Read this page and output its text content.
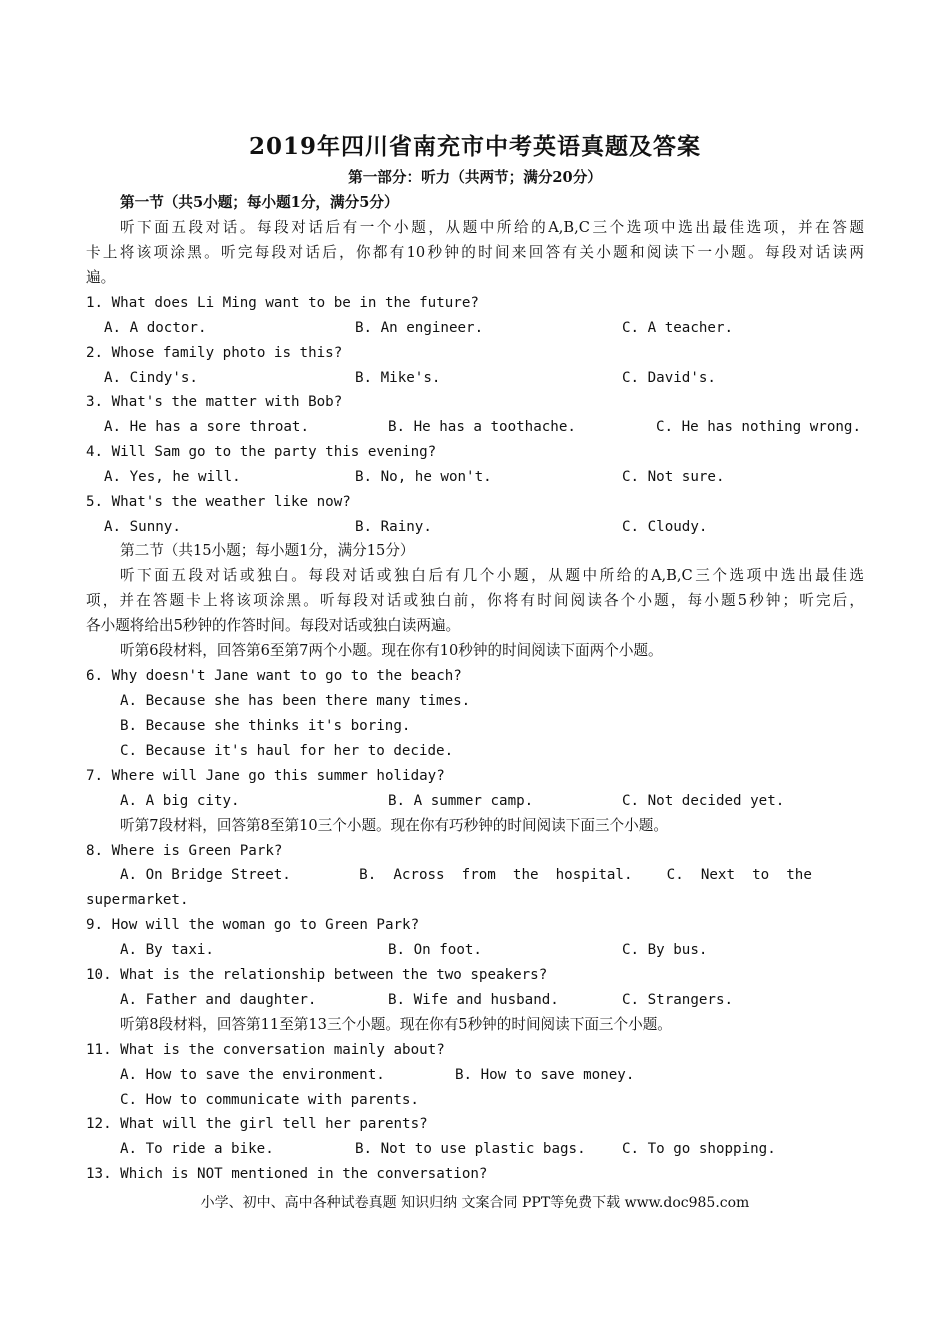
2019年四川省南充市中考英语真题及答案
第一部分：听力（共两节；满分20分）
第一节（共5小题；每小题1分，满分5分）
听下面五段对话。每段对话后有一个小题，从题中所给的A,B,C三个选项中选出最佳选项，并在答题
卡上将该项涂黑。听完每段对话后，你都有10秒钟的时间来回答有关小题和阅读下一小题。每段对话读两
遍。
1. What does Li Ming want to be in the future?
A. A doctor.	B. An engineer.	C. A teacher.
2. Whose family photo is this?
A. Cindy's.	B. Mike's.	C. David's.
3. What's the matter with Bob?
A. He has a sore throat.	B. He has a toothache.	C. He has nothing wrong.
4. Will Sam go to the party this evening?
A. Yes, he will.	B. No, he won't.	C. Not sure.
5. What's the weather like now?
A. Sunny.	B. Rainy.	C. Cloudy.
第二节（共15小题；每小题1分，满分15分）
听下面五段对话或独白。每段对话或独白后有几个小题，从题中所给的A,B,C三个选项中选出最佳选
项，并在答题卡上将该项涂黑。听每段对话或独白前，你将有时间阅读各个小题，每小题5秒钟；听完后，
各小题将给出5秒钟的作答时间。每段对话或独白读两遍。
听第6段材料，回答第6至第7两个小题。现在你有10秒钟的时间阅读下面两个小题。
6. Why doesn't Jane want to go to the beach?
A. Because she has been there many times.
B. Because she thinks it's boring.
C. Because it's haul for her to decide.
7. Where will Jane go this summer holiday?
A. A big city.	B. A summer camp.	C. Not decided yet.
听第7段材料，回答第8至第10三个小题。现在你有巧秒钟的时间阅读下面三个小题。
8. Where is Green Park?
A. On Bridge Street.        B.  Across  from  the  hospital.    C.  Next  to  the
supermarket.
9. How will the woman go to Green Park?
A. By taxi.	B. On foot.	C. By bus.
10. What is the relationship between the two speakers?
A. Father and daughter.	B. Wife and husband.	C. Strangers.
听第8段材料，回答第11至第13三个小题。现在你有5秒钟的时间阅读下面三个小题。
11. What is the conversation mainly about?
A. How to save the environment.	B. How to save money.
C. How to communicate with parents.
12. What will the girl tell her parents?
A. To ride a bike.	B. Not to use plastic bags.	C. To go shopping.
13. Which is NOT mentioned in the conversation?
小学、初中、高中各种试卷真题 知识归纳 文案合同 PPT等免费下载 www.doc985.com
